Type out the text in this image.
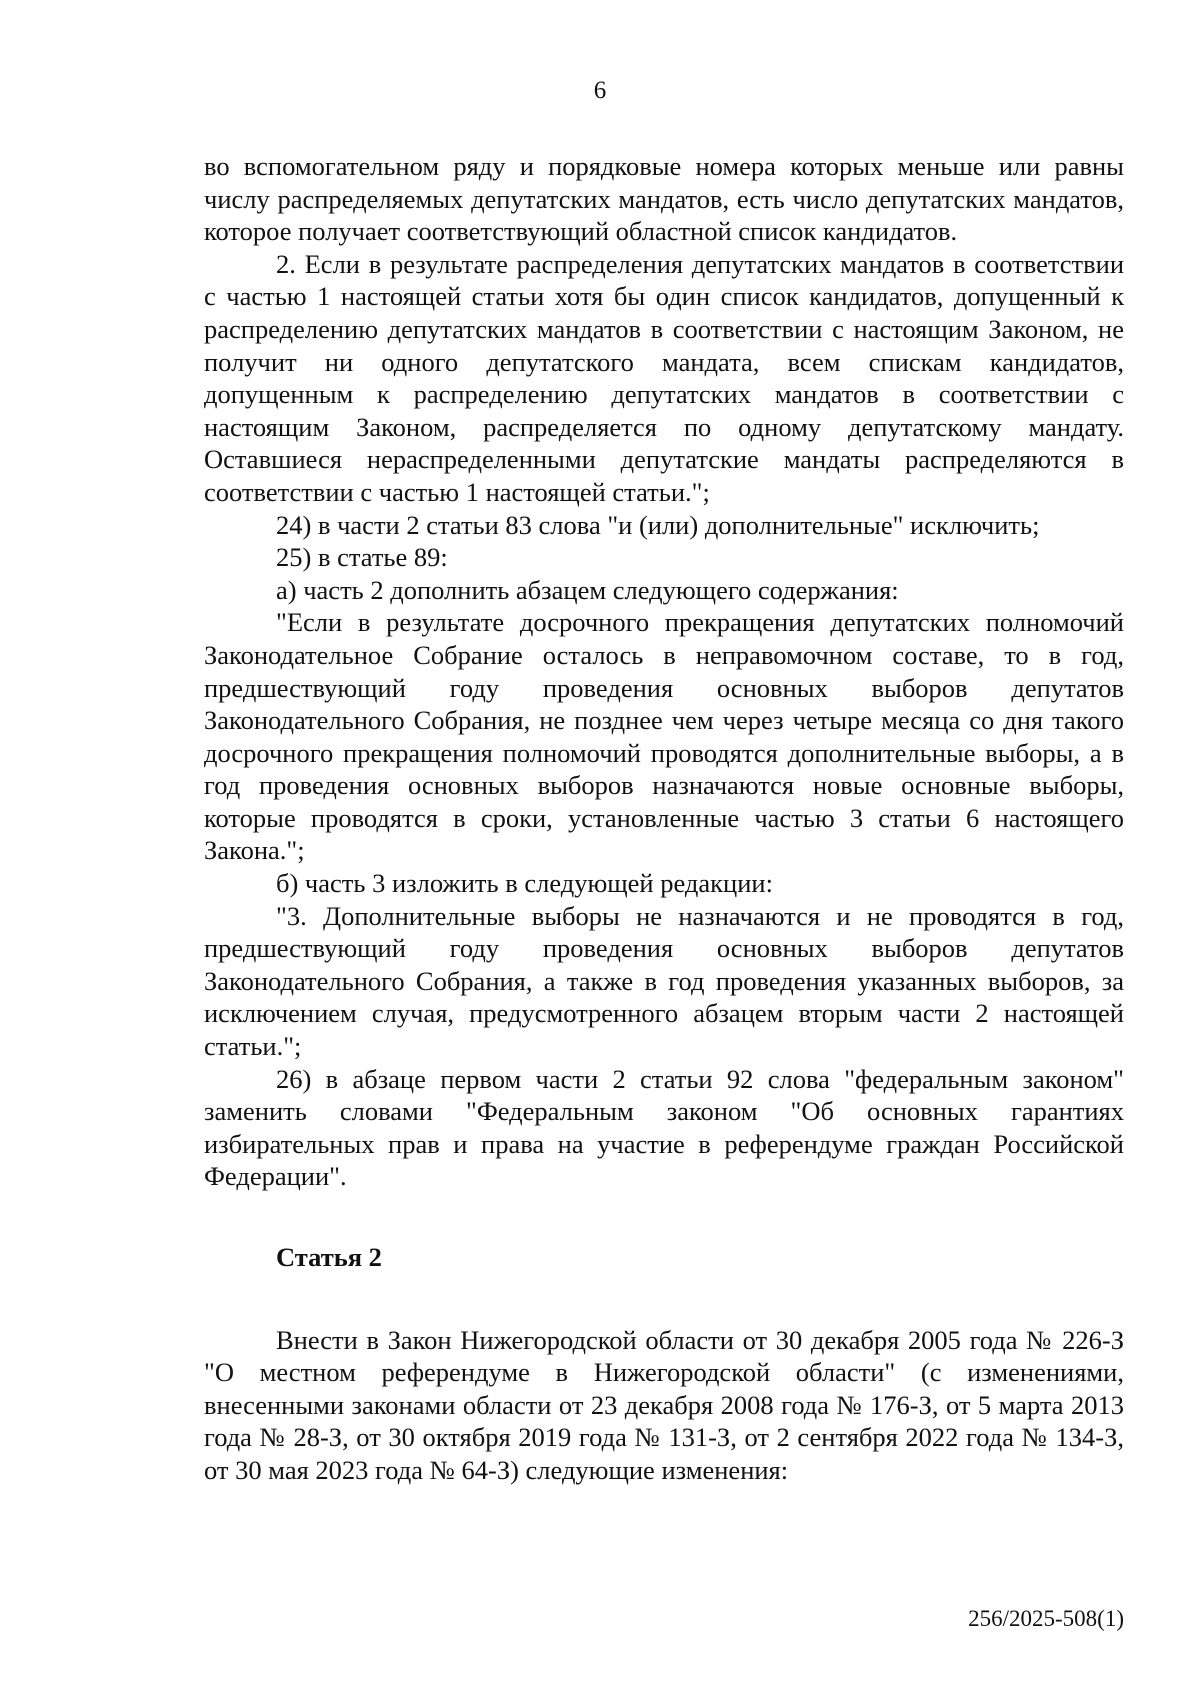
6

во вспомогательном ряду и порядковые номера которых меньше или равны числу распределяемых депутатских мандатов, есть число депутатских мандатов, которое получает соответствующий областной список кандидатов.

2. Если в результате распределения депутатских мандатов в соответствии с частью 1 настоящей статьи хотя бы один список кандидатов, допущенный к распределению депутатских мандатов в соответствии с настоящим Законом, не получит ни одного депутатского мандата, всем спискам кандидатов, допущенным к распределению депутатских мандатов в соответствии с настоящим Законом, распределяется по одному депутатскому мандату. Оставшиеся нераспределенными депутатские мандаты распределяются в соответствии с частью 1 настоящей статьи.";

24) в части 2 статьи 83 слова "и (или) дополнительные" исключить;

25) в статье 89:

а) часть 2 дополнить абзацем следующего содержания:

"Если в результате досрочного прекращения депутатских полномочий Законодательное Собрание осталось в неправомочном составе, то в год, предшествующий году проведения основных выборов депутатов Законодательного Собрания, не позднее чем через четыре месяца со дня такого досрочного прекращения полномочий проводятся дополнительные выборы, а в год проведения основных выборов назначаются новые основные выборы, которые проводятся в сроки, установленные частью 3 статьи 6 настоящего Закона.";

б) часть 3 изложить в следующей редакции:

"3. Дополнительные выборы не назначаются и не проводятся в год, предшествующий году проведения основных выборов депутатов Законодательного Собрания, а также в год проведения указанных выборов, за исключением случая, предусмотренного абзацем вторым части 2 настоящей статьи.";

26) в абзаце первом части 2 статьи 92 слова "федеральным законом" заменить словами "Федеральным законом "Об основных гарантиях избирательных прав и права на участие в референдуме граждан Российской Федерации".

Статья 2

Внести в Закон Нижегородской области от 30 декабря 2005 года № 226-З "О местном референдуме в Нижегородской области" (с изменениями, внесенными законами области от 23 декабря 2008 года № 176-З, от 5 марта 2013 года № 28-З, от 30 октября 2019 года № 131-З, от 2 сентября 2022 года № 134-З, от 30 мая 2023 года № 64-З) следующие изменения:

256/2025-508(1)
